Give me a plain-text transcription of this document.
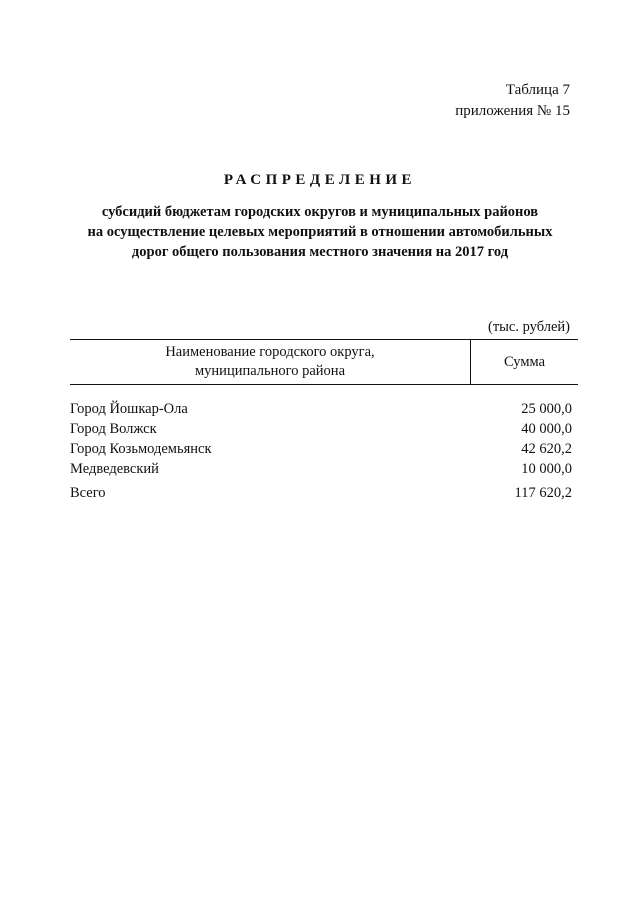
Таблица 7
приложения № 15
РАСПРЕДЕЛЕНИЕ
субсидий бюджетам городских округов и муниципальных районов
на осуществление целевых мероприятий в отношении автомобильных
дорог общего пользования местного значения на 2017 год
(тыс. рублей)
Наименование городского округа,
муниципального района	Сумма
Город Йошкар-Ола	25 000,0
Город Волжск	40 000,0
Город Козьмодемьянск	42 620,2
Медведевский	10 000,0
Всего	117 620,2
